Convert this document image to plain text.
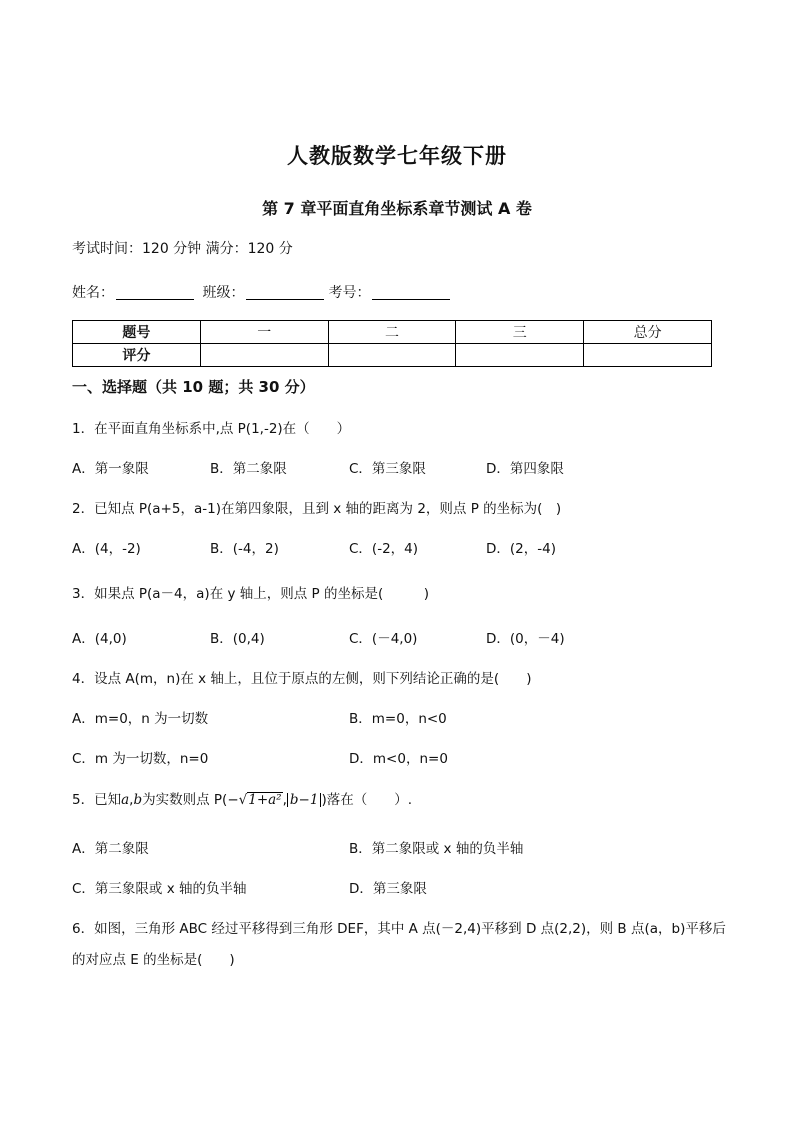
人教版数学七年级下册
第 7 章平面直角坐标系章节测试 A 卷
考试时间：120 分钟 满分：120 分
姓名：	班级：	考号：
题号	一	二	三	总分
评分				
一、选择题（共 10 题；共 30 分）
1．在平面直角坐标系中,点 P(1,-2)在（　　）
A．第一象限	B．第二象限	C．第三象限	D．第四象限
2．已知点 P(a+5，a-1)在第四象限，且到 x 轴的距离为 2，则点 P 的坐标为(　)
A．(4，-2)	B．(-4，2)	C．(-2，4)	D．(2，-4)
3．如果点 P(a－4，a)在 y 轴上，则点 P 的坐标是(　　　)
A．(4,0)	B．(0,4)	C．(－4,0)	D．(0，－4)
4．设点 A(m，n)在 x 轴上，且位于原点的左侧，则下列结论正确的是(　　)
A．m=0，n 为一切数	B．m=0，n<0
C．m 为一切数，n=0	D．m<0，n=0
5．已知a,b为实数则点 P(−√1+a², b−1 )落在（　　）.
A．第二象限	B．第二象限或 x 轴的负半轴
C．第三象限或 x 轴的负半轴	D．第三象限
6．如图，三角形 ABC 经过平移得到三角形 DEF，其中 A 点(－2,4)平移到 D 点(2,2)，则 B 点(a，b)平移后
的对应点 E 的坐标是(　　)
